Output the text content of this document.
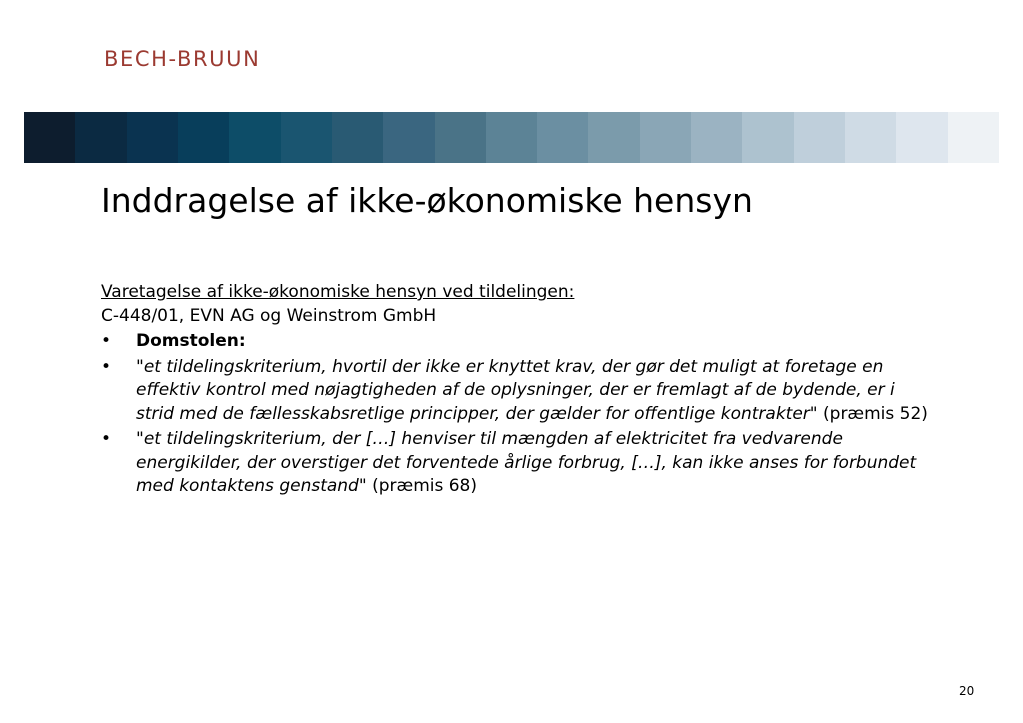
BECH-BRUUN
Inddragelse af ikke-økonomiske hensyn
Varetagelse af ikke-økonomiske hensyn ved tildelingen:
C-448/01, EVN AG og Weinstrom GmbH
•	Domstolen:
•	"et tildelingskriterium, hvortil der ikke er knyttet krav, der gør det muligt at foretage en effektiv kontrol med nøjagtigheden af de oplysninger, der er fremlagt af de bydende, er i strid med de fællesskabsretlige principper, der gælder for offentlige kontrakter" (præmis 52)
•	"et tildelingskriterium, der […] henviser til mængden af elektricitet fra vedvarende energikilder, der overstiger det forventede årlige forbrug, […], kan ikke anses for forbundet med kontaktens genstand" (præmis 68)
20
